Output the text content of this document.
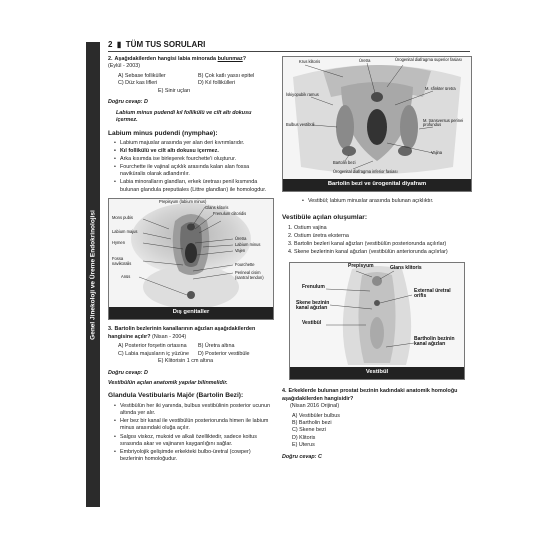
Genel Jinekoloji ve Üreme Endokrinolojisi
2  ▮  TÜM TUS SORULARI
2. Aşağıdakilerden hangisi labia minorada bulunmaz?
(Eylül - 2003)
A) Sebase folliküller	B) Çok katlı yassı epitel
C) Düz kas lifleri	D) Kıl follikülleri
E) Sinir uçları
Doğru cevap: D
Labium minus pudendi kıl follikülü ve cilt altı dokusu içermez.
Labium minus pudendi (nymphae):
• Labium majuslar arasında yer alan deri kıvrımlarıdır.
• Kıl follikülü ve cilt altı dokusu içermez.
• Arka kısımda ise birleşerek fourchette'i oluşturur.
• Fourchette ile vajinal açıklık arasında kalan alan fossa naviküralis olarak adlandırılır.
• Labia minoralların glandları, erkek üretrası penil kısmında bulunan glandula preputiales (Littre glandları) ile homologdur.
Prepisyum (labium minus)
Glans klitoris
Frenulum clitoridis
Mons pubis
Labium majus
Hymen
Fossa naviküralis
Anüs
Üretra
Labium minus
Vajen
Fourchette
Perineal cisim (santral tendon)
Dış genitaller
3. Bartolin bezlerinin kanallarının ağızları aşağıdakilerden hangisine açılır? (Nisan - 2004)
A) Posterior forşetin ortasına	B) Üretra altına
C) Labia majusların iç yüzüne	D) Posterior vestibüle
E) Klitorisin 1 cm altına
Doğru cevap: D
Vestibülün açılan anatomik yapılar bilinmelidir.
Glandula Vestibularis Majör (Bartolin Bezi):
• Vestibülün her iki yanında, bulbus vestibülinin posterior ucunun altında yer alır.
• Her bez bir kanal ile vestibülün posteriorunda himen ile labium minus arasındaki oluğa açılır.
• Salgısı viskoz, mukoid ve alkali özelliktedir, sadece koitus sırasında akar ve vajinanın kayganlığını sağlar.
• Embriyolojik gelişimde erkekteki bulbo-üretral (cowper) bezlerinin homoloğudur.
Krus klitoris	Üretra	Ürogenital diafragma superior fasiası
İskiyopubik ramus
M. sfinkter üretra
Bulbus vestibüli
M. transversus perinei profundus
Bartolin bezi
Vajina
Ürogenital diafragma inferior fasiası
Bartolin bezi ve ürogenital diyafram
• Vestibül; labium minuslar arasında bulunan açıklıktır.
Vestibüle açılan oluşumlar:
1. Ostium vajina
2. Ostium üretra eksterna
3. Bartolin bezleri kanal ağızları (vestibülün posteriorunda açılırlar)
4. Skene bezlerinin kanal ağızları (vestibülün anteriorunda açılırlar)
Prepisyum	Glans klitoris
Frenulum
External üretral orifis
Skene bezinin kanal ağızları
Vestibül
Bartholin bezinin kanal ağızları
Vestibül
4. Erkeklerde bulunan prostat bezinin kadındaki anatomik homoloğu aşağıdakilerden hangisidir?
(Nisan 2016 Orijinal)
A) Vestibüler bulbus
B) Bartholin bezi
C) Skene bezi
D) Klitoris
E) Uterus
Doğru cevap: C
